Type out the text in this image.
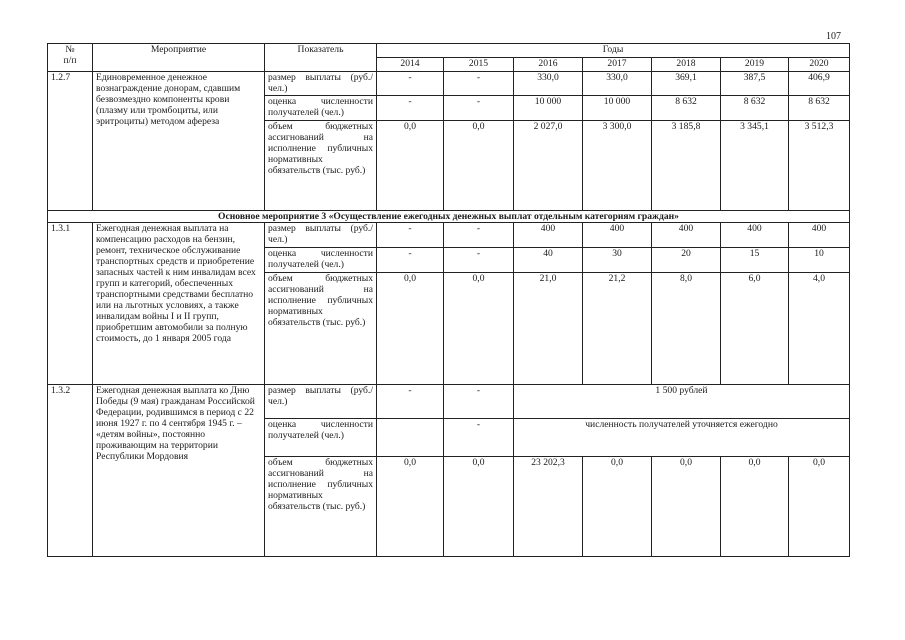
107
№
п/п	Мероприятие	Показатель	Годы						
			2014	2015	2016	2017	2018	2019	2020
1.2.7	Единовременное денежное вознаграждение донорам, сдавшим безвозмездно компоненты крови (плазму или тромбоциты, или эритроциты) методом афереза	размер выплаты (руб./ чел.)	-	-	330,0	330,0	369,1	387,5	406,9
		оценка численности получателей (чел.)	-	-	10 000	10 000	8 632	8 632	8 632
		объем бюджетных ассигнований на исполнение публичных нормативных обязательств (тыс. руб.)	0,0	0,0	2 027,0	3 300,0	3 185,8	3 345,1	3 512,3
Основное мероприятие 3 «Осуществление ежегодных денежных выплат отдельным категориям граждан»									
1.3.1	Ежегодная денежная выплата на компенсацию расходов на бензин, ремонт, техническое обслуживание транспортных средств и приобретение запасных частей к ним инвалидам всех групп и категорий, обеспеченных транспортными средствами бесплатно или на льготных условиях, а также инвалидам войны I и II групп, приобретшим автомобили за полную стоимость, до 1 января 2005 года	размер выплаты (руб./ чел.)	-	-	400	400	400	400	400
		оценка численности получателей (чел.)	-	-	40	30	20	15	10
		объем бюджетных ассигнований на исполнение публичных нормативных обязательств (тыс. руб.)	0,0	0,0	21,0	21,2	8,0	6,0	4,0
1.3.2	Ежегодная денежная выплата ко Дню Победы (9 мая) гражданам Российской Федерации, родившимся в период с 22 июня 1927 г. по 4 сентября 1945 г. – «детям войны», постоянно проживающим на территории Республики Мордовия	размер выплаты (руб./ чел.)	-	-	1 500 рублей				
		оценка численности получателей (чел.)		-	численность получателей уточняется ежегодно				
		объем бюджетных ассигнований на исполнение публичных нормативных обязательств (тыс. руб.)	0,0	0,0	23 202,3	0,0	0,0	0,0	0,0
